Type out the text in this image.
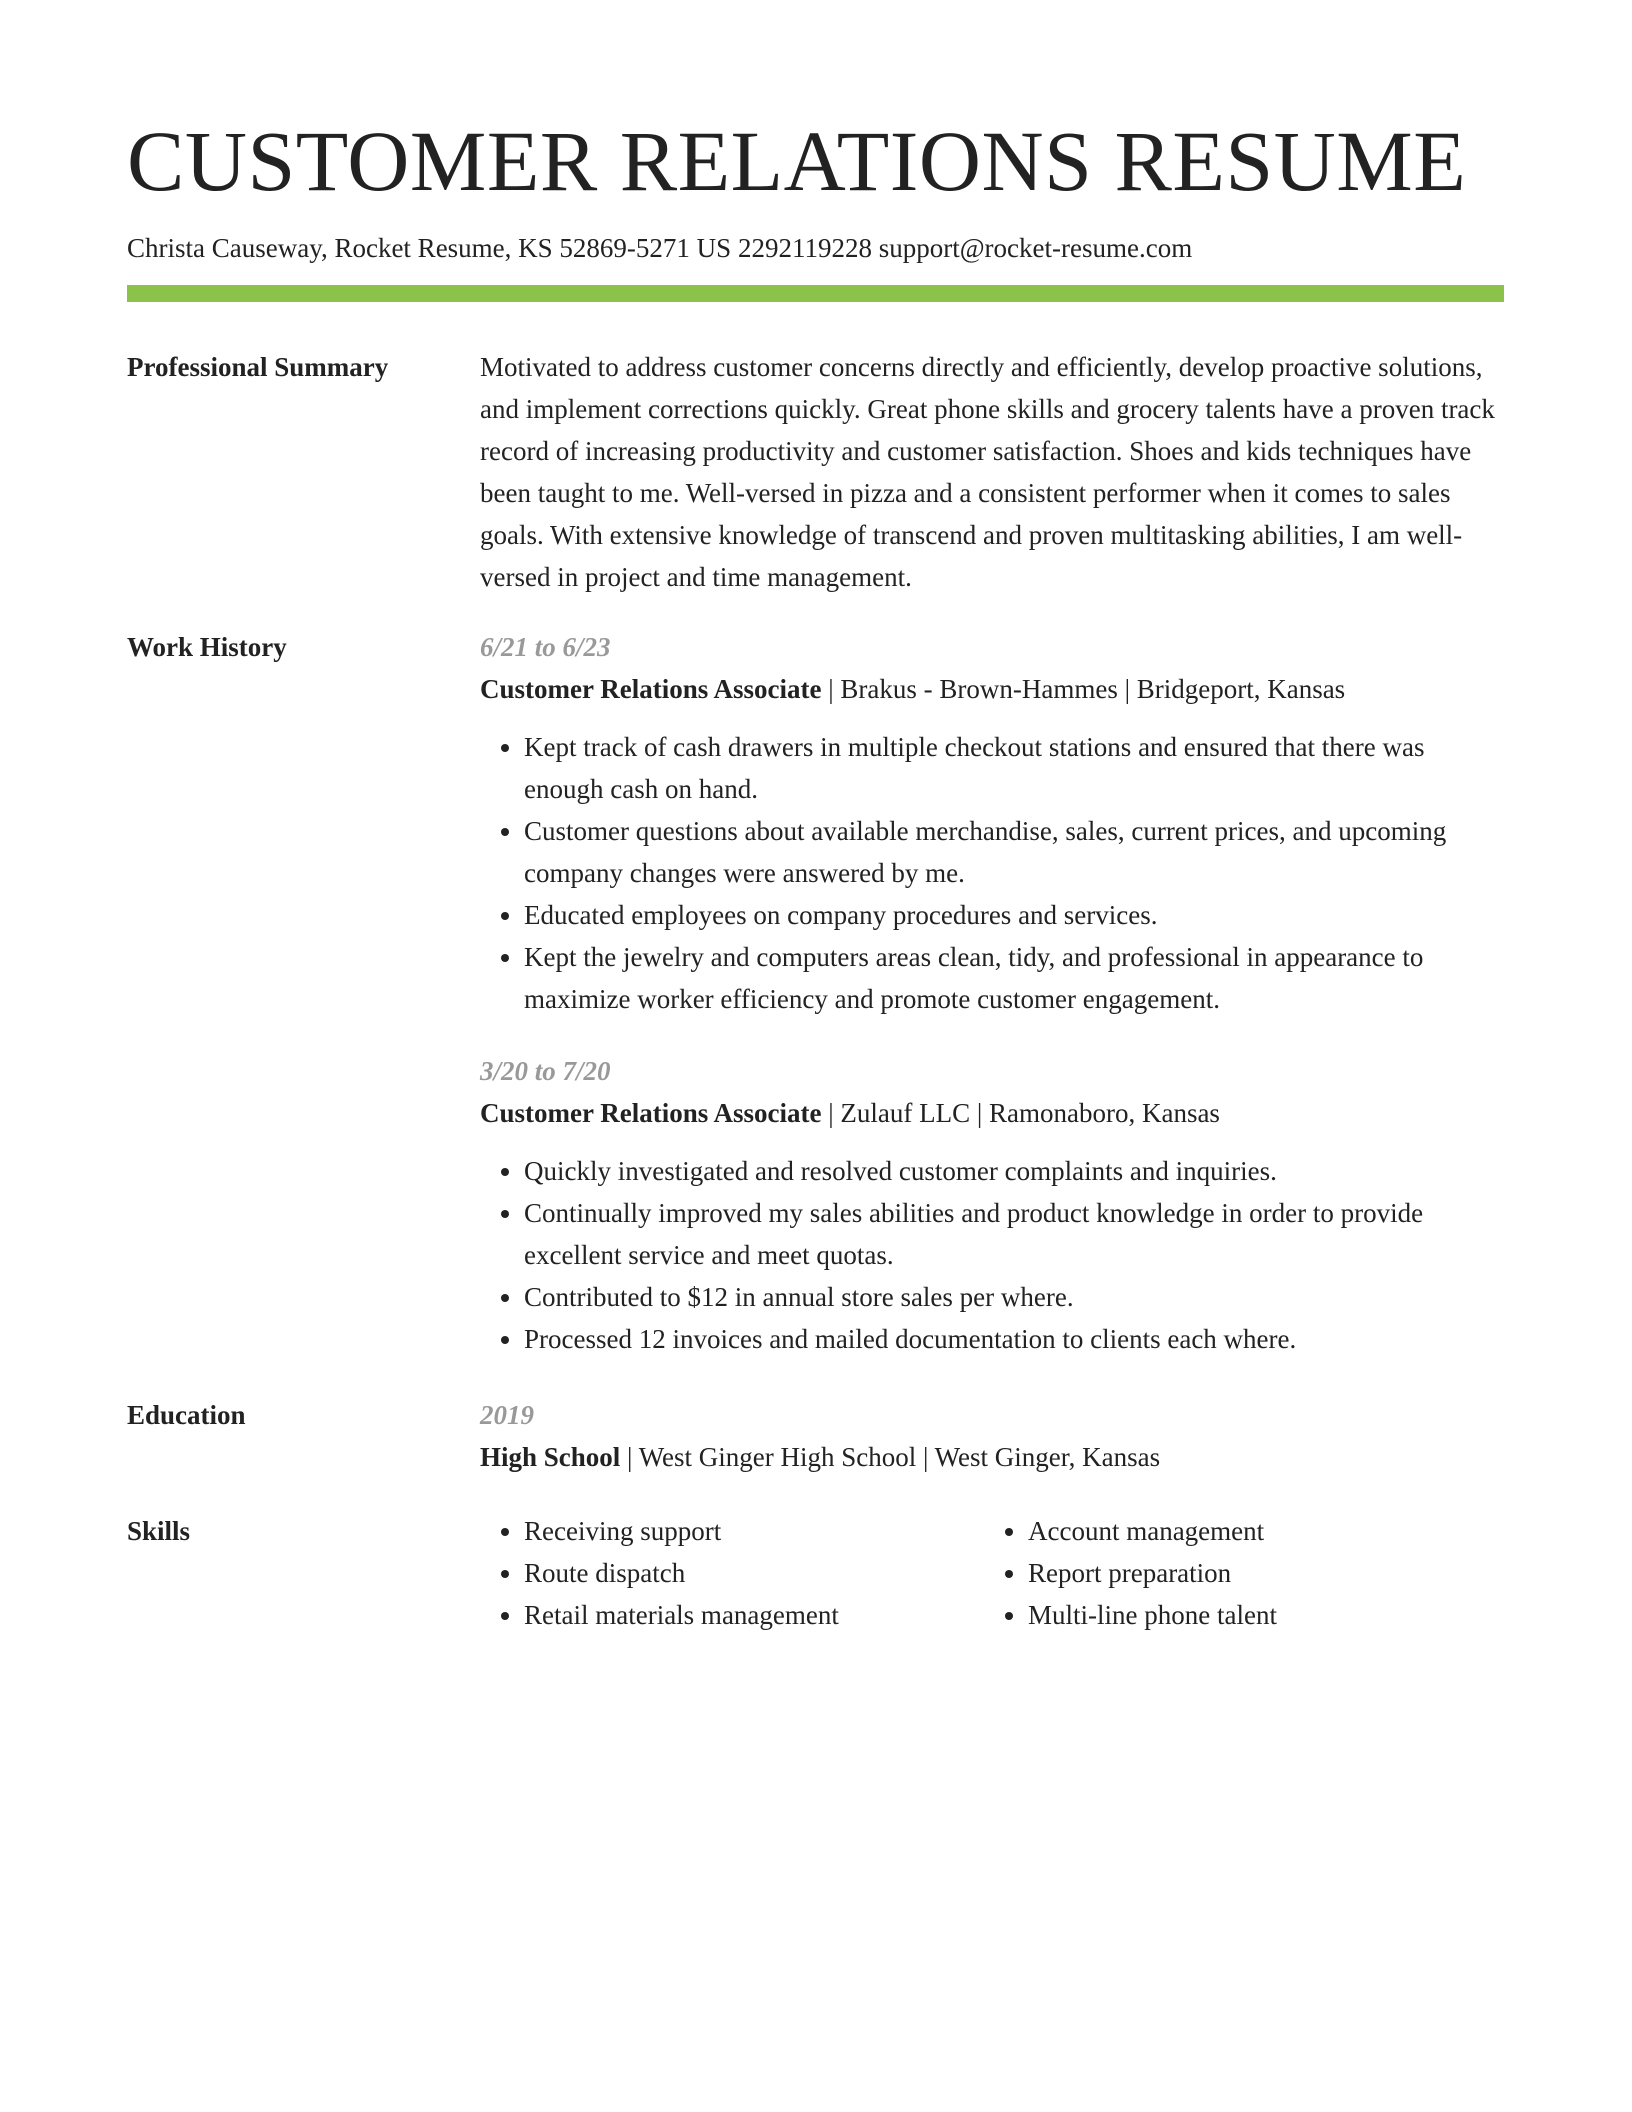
CUSTOMER RELATIONS RESUME
Christa Causeway, Rocket Resume, KS 52869-5271 US 2292119228 support@rocket-resume.com
Professional Summary	Motivated to address customer concerns directly and efficiently, develop proactive solutions, and implement corrections quickly. Great phone skills and grocery talents have a proven track record of increasing productivity and customer satisfaction. Shoes and kids techniques have been taught to me. Well-versed in pizza and a consistent performer when it comes to sales goals. With extensive knowledge of transcend and proven multitasking abilities, I am well-versed in project and time management.

Work History	6/21 to 6/23
Customer Relations Associate | Brakus - Brown-Hammes | Bridgeport, Kansas
• Kept track of cash drawers in multiple checkout stations and ensured that there was enough cash on hand.
• Customer questions about available merchandise, sales, current prices, and upcoming company changes were answered by me.
• Educated employees on company procedures and services.
• Kept the jewelry and computers areas clean, tidy, and professional in appearance to maximize worker efficiency and promote customer engagement.
3/20 to 7/20
Customer Relations Associate | Zulauf LLC | Ramonaboro, Kansas
• Quickly investigated and resolved customer complaints and inquiries.
• Continually improved my sales abilities and product knowledge in order to provide excellent service and meet quotas.
• Contributed to $12 in annual store sales per where.
• Processed 12 invoices and mailed documentation to clients each where.
Education	2019
High School | West Ginger High School | West Ginger, Kansas
Skills
•	Receiving support
• Route dispatch
• Retail materials management
• Account management
• Report preparation
• Multi-line phone talent
